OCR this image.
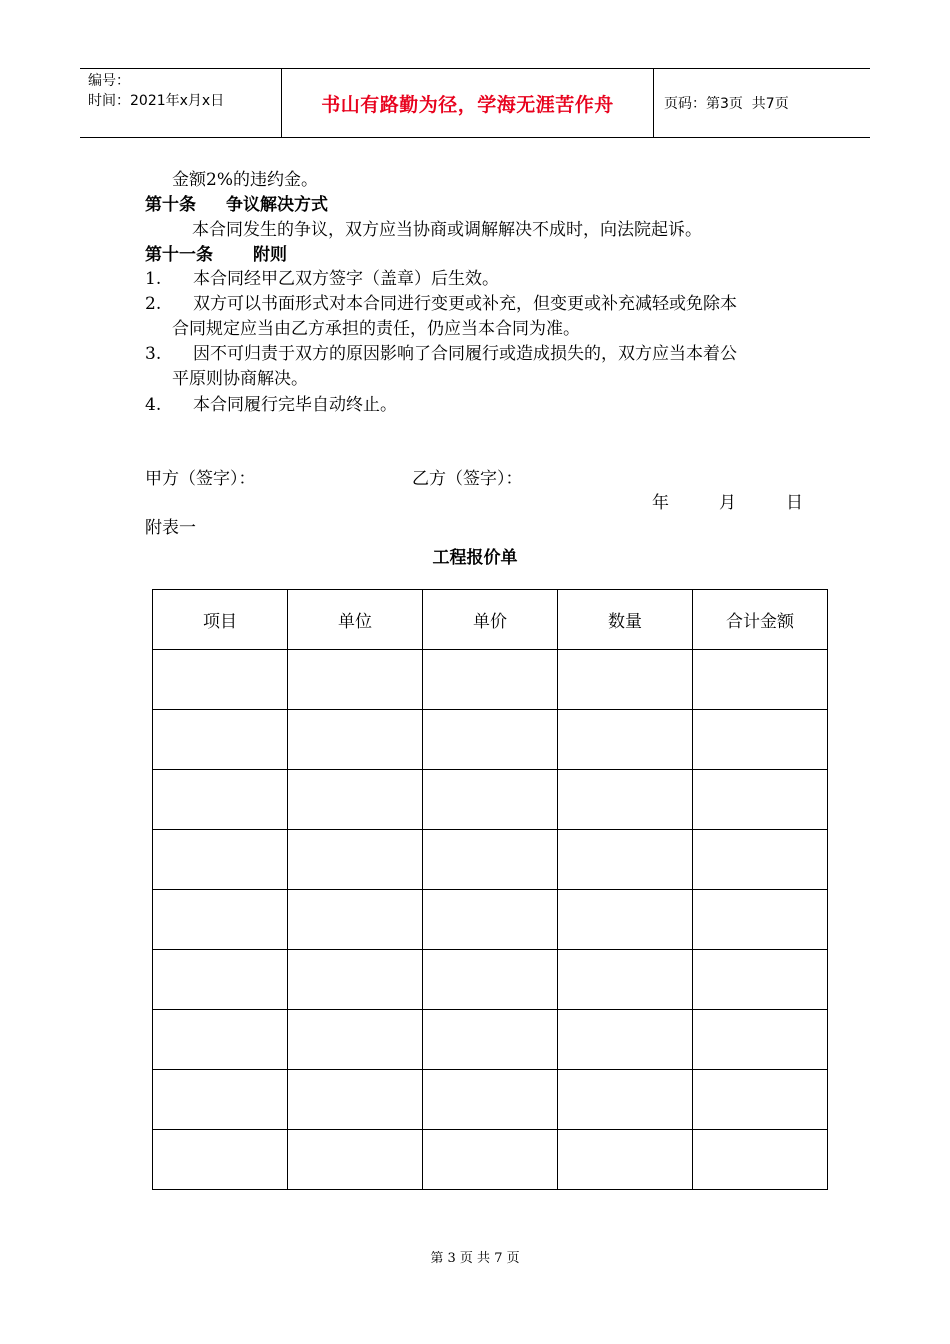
编号：
时间：2021年x月x日	书山有路勤为径，学海无涯苦作舟	页码：第3页  共7页
金额2%的违约金。
第十条 争议解决方式
本合同发生的争议，双方应当协商或调解解决不成时，向法院起诉。
第十一条 附则
1. 本合同经甲乙双方签字（盖章）后生效。
2. 双方可以书面形式对本合同进行变更或补充，但变更或补充减轻或免除本
合同规定应当由乙方承担的责任，仍应当本合同为准。
3. 因不可归责于双方的原因影响了合同履行或造成损失的，双方应当本着公
平原则协商解决。
4. 本合同履行完毕自动终止。
甲方（签字）：	乙方（签字）：
年	月	日
附表一
工程报价单
项目	单位	单价	数量	合计金额

第 3 页 共 7 页
